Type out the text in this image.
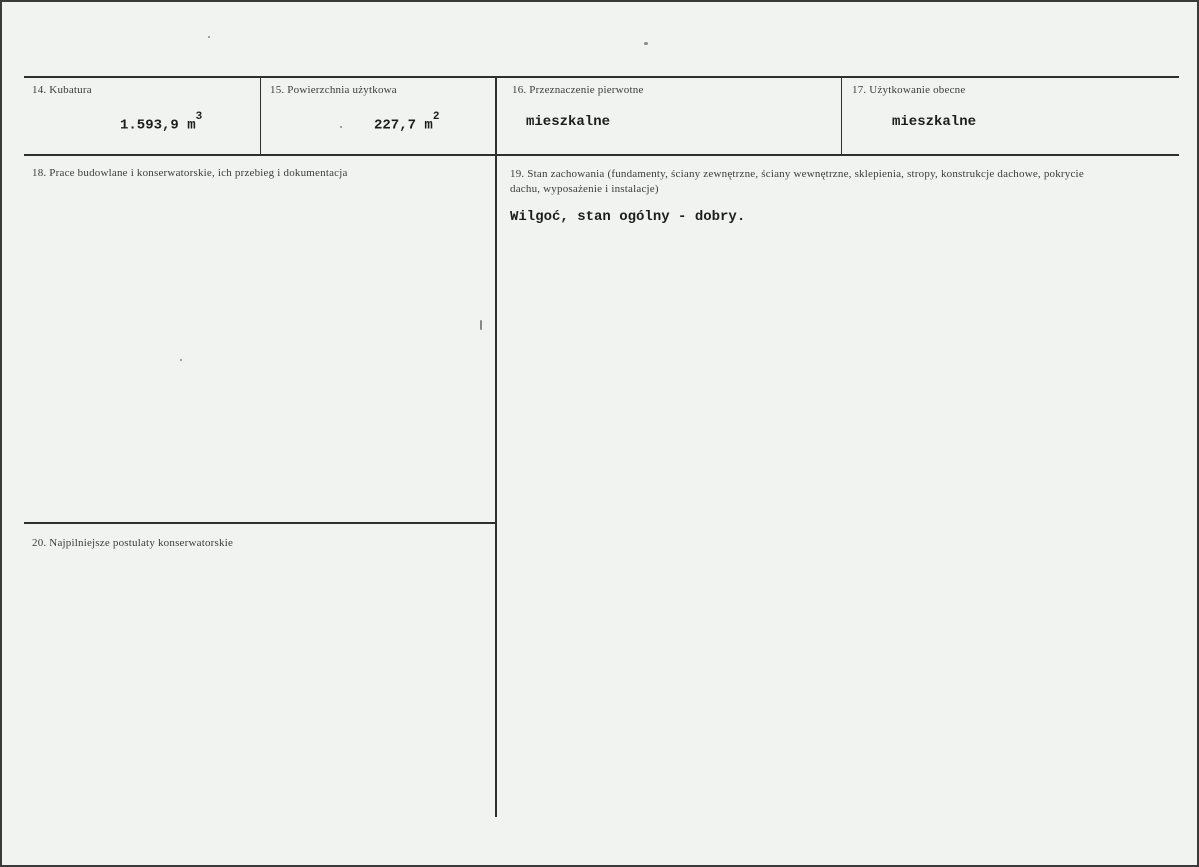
14. Kubatura
1.593,9 $m^3$
15. Powierzchnia użytkowa
227,7 $m^2$
16. Przeznaczenie pierwotne
mieszkalne
17. Użytkowanie obecne
mieszkalne
18. Prace budowlane i konserwatorskie, ich przebieg i dokumentacja	19. Stan zachowania (fundamenty, ściany zewnętrzne, ściany wewnętrzne, sklepienia, stropy, konstrukcje dachowe, pokrycie dachu, wyposażenie i instalacje)
Wilgoć, stan ogólny - dobry.
20. Najpilniejsze postulaty konserwatorskie
